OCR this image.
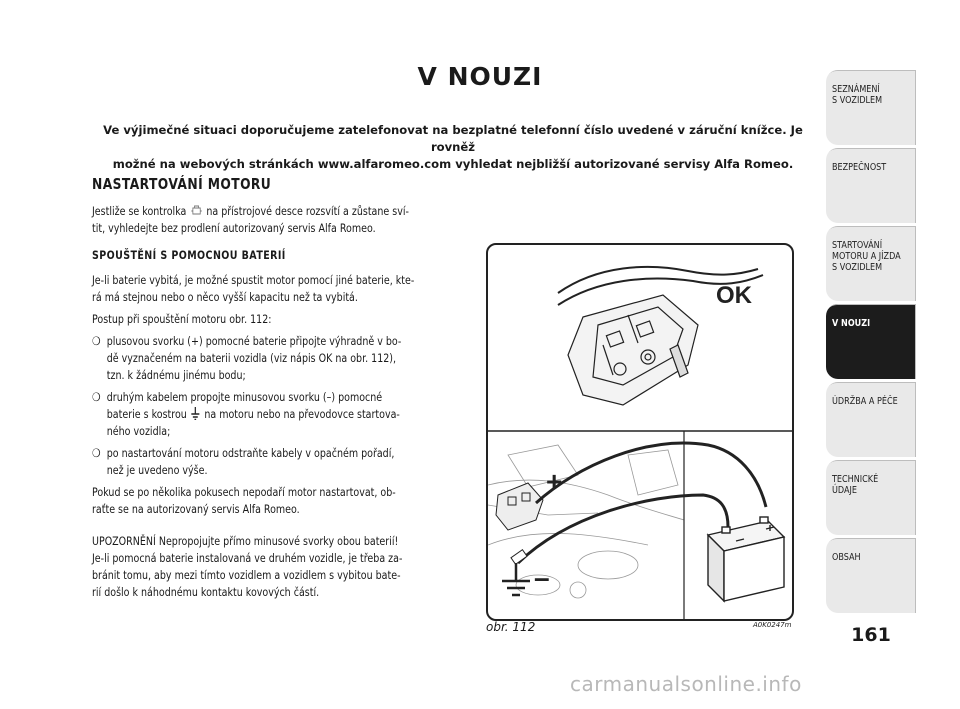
V NOUZI
Ve výjimečné situaci doporučujeme zatelefonovat na bezplatné telefonní číslo uvedené v záruční knížce. Je rovněž
možné na webových stránkách www.alfaromeo.com vyhledat nejbližší autorizované servisy Alfa Romeo.
NASTARTOVÁNÍ MOTORU
Jestliže se kontrolka na přístrojové desce rozsvítí a zůstane sví-
tit, vyhledejte bez prodlení autorizovaný servis Alfa Romeo.
SPOUŠTĚNÍ S POMOCNOU BATERIÍ
Je-li baterie vybitá, je možné spustit motor pomocí jiné baterie, kte-
rá má stejnou nebo o něco vyšší kapacitu než ta vybitá.
Postup při spouštění motoru obr. 112:
❍ plusovou svorku (+) pomocné baterie připojte výhradně v bo-
dě vyznačeném na baterii vozidla (viz nápis OK na obr. 112),
tzn. k žádnému jinému bodu;
❍ druhým kabelem propojte minusovou svorku (–) pomocné
baterie s kostrou na motoru nebo na převodovce startova-
ného vozidla;
❍ po nastartování motoru odstraňte kabely v opačném pořadí,
než je uvedeno výše.
Pokud se po několika pokusech nepodaří motor nastartovat, ob-
raťte se na autorizovaný servis Alfa Romeo.
UPOZORNĚNÍ Nepropojujte přímo minusové svorky obou baterií!
Je-li pomocná baterie instalovaná ve druhém vozidle, je třeba za-
bránit tomu, aby mezi tímto vozidlem a vozidlem s vybitou bate-
rií došlo k náhodnému kontaktu kovových částí.
OK
+
–
obr. 112	A0K0247m
SEZNÁMENÍ
S VOZIDLEM
BEZPEČNOST
STARTOVÁNÍ
MOTORU A JÍZDA
S VOZIDLEM
V NOUZI
ÚDRŽBA A PÉČE
TECHNICKÉ
ÚDAJE
OBSAH
161
carmanualsonline.info
